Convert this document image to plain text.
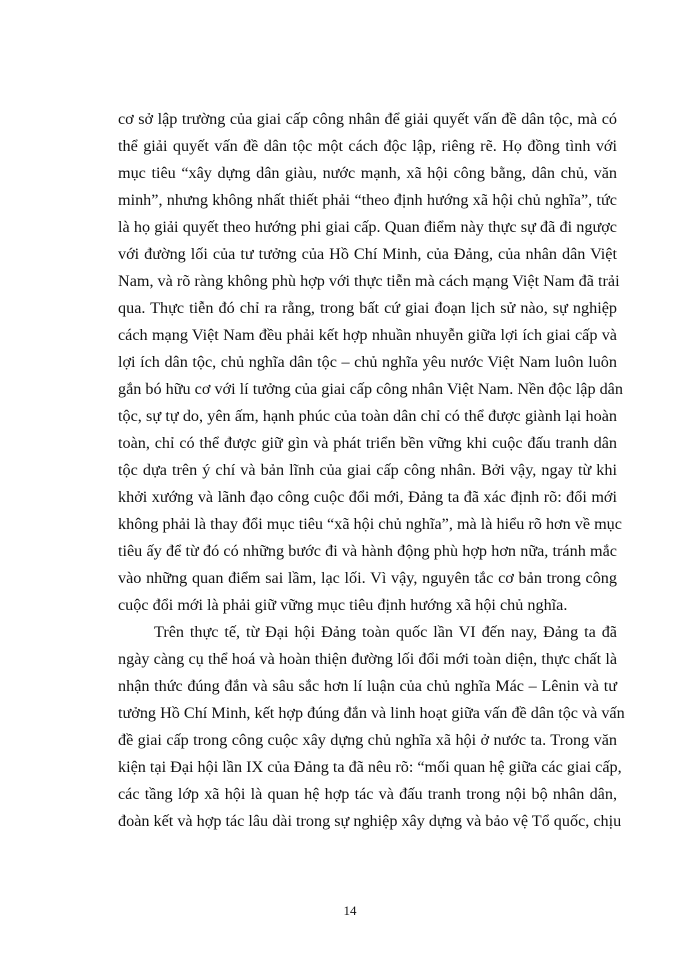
cơ sở lập trường của giai cấp công nhân để giải quyết vấn đề dân tộc, mà có
thể giải quyết vấn đề dân tộc một cách độc lập, riêng rẽ. Họ đồng tình với
mục tiêu “xây dựng dân giàu, nước mạnh, xã hội công bằng, dân chủ, văn
minh”, nhưng không nhất thiết phải “theo định hướng xã hội chủ nghĩa”, tức
là họ giải quyết theo hướng phi giai cấp. Quan điểm này thực sự đã đi ngược
với đường lối của tư tưởng của Hồ Chí Minh, của Đảng, của nhân dân Việt
Nam, và rõ ràng không phù hợp với thực tiễn mà cách mạng Việt Nam đã trải
qua. Thực tiễn đó chỉ ra rằng, trong bất cứ giai đoạn lịch sử nào, sự nghiệp
cách mạng Việt Nam đều phải kết hợp nhuần nhuyễn giữa lợi ích giai cấp và
lợi ích dân tộc, chủ nghĩa dân tộc – chủ nghĩa yêu nước Việt Nam luôn luôn
gắn bó hữu cơ với lí tưởng của giai cấp công nhân Việt Nam. Nền độc lập dân
tộc, sự tự do, yên ấm, hạnh phúc của toàn dân chỉ có thể được giành lại hoàn
toàn, chỉ có thể được giữ gìn và phát triển bền vững khi cuộc đấu tranh dân
tộc dựa trên ý chí và bản lĩnh của giai cấp công nhân. Bởi vậy, ngay từ khi
khởi xướng và lãnh đạo công cuộc đổi mới, Đảng ta đã xác định rõ: đổi mới
không phải là thay đổi mục tiêu “xã hội chủ nghĩa”, mà là hiểu rõ hơn về mục
tiêu ấy để từ đó có những bước đi và hành động phù hợp hơn nữa, tránh mắc
vào những quan điểm sai lầm, lạc lối. Vì vậy, nguyên tắc cơ bản trong công
cuộc đổi mới là phải giữ vững mục tiêu định hướng xã hội chủ nghĩa.
Trên thực tế, từ Đại hội Đảng toàn quốc lần VI đến nay, Đảng ta đã
ngày càng cụ thể hoá và hoàn thiện đường lối đổi mới toàn diện, thực chất là
nhận thức đúng đắn và sâu sắc hơn lí luận của chủ nghĩa Mác – Lênin và tư
tưởng Hồ Chí Minh, kết hợp đúng đắn và linh hoạt giữa vấn đề dân tộc và vấn
đề giai cấp trong công cuộc xây dựng chủ nghĩa xã hội ở nước ta. Trong văn
kiện tại Đại hội lần IX của Đảng ta đã nêu rõ: “mối quan hệ giữa các giai cấp,
các tầng lớp xã hội là quan hệ hợp tác và đấu tranh trong nội bộ nhân dân,
đoàn kết và hợp tác lâu dài trong sự nghiệp xây dựng và bảo vệ Tổ quốc, chịu
14
